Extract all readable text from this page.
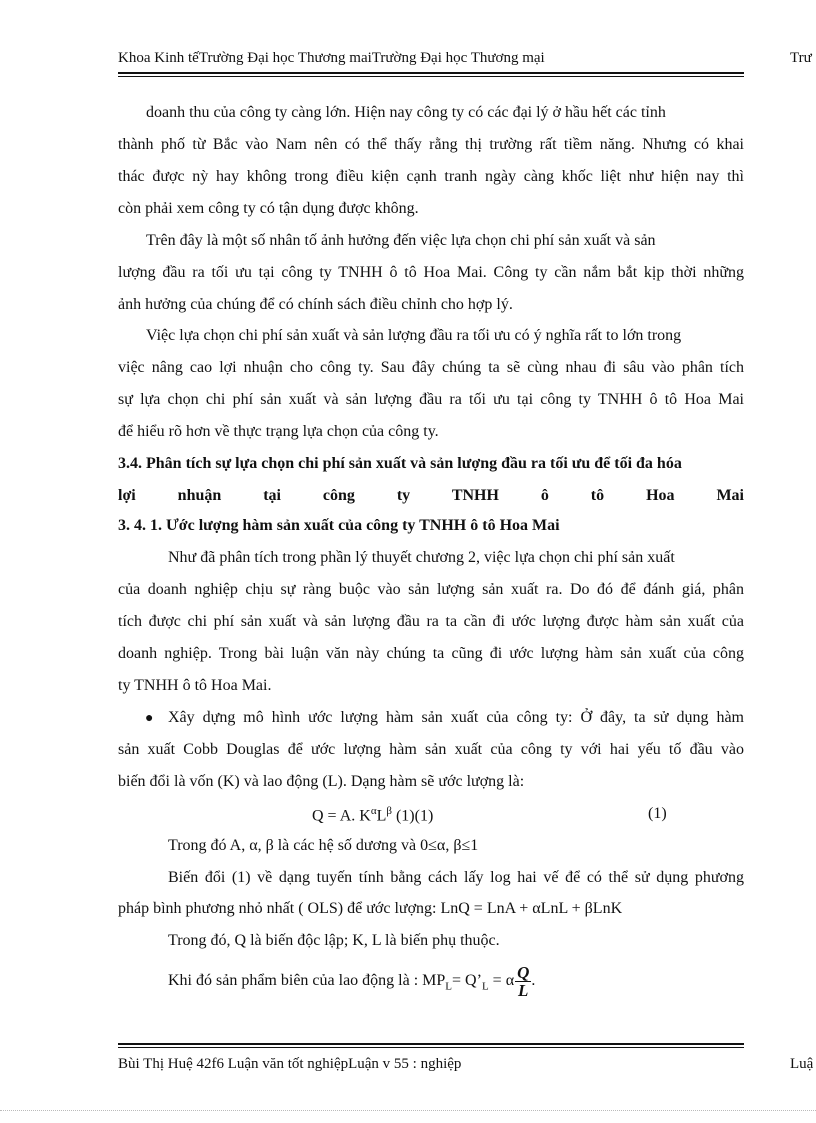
Khoa Kinh tếTrường Đại học Thương maiTrường Đại học Thương mại	Trư
doanh thu của công ty càng lớn. Hiện nay công ty có các đại lý ở hầu hết các tỉnh
thành phố từ Bắc vào Nam nên có thể thấy rằng thị trường rất tiềm năng. Nhưng có khai
thác được nỳ hay không trong điều kiện cạnh tranh ngày càng khốc liệt như hiện nay thì
còn phải xem công ty có tận dụng được không.
Trên đây là một số nhân tố ảnh hưởng đến việc lựa chọn chi phí sản xuất và sản
lượng đầu ra tối ưu tại công ty TNHH ô tô Hoa Mai. Công ty cần nắm bắt kịp thời những
ảnh hưởng của chúng để có chính sách điều chỉnh cho hợp lý.
Việc lựa chọn chi phí sản xuất và sản lượng đầu ra tối ưu có ý nghĩa rất to lớn trong
việc nâng cao lợi nhuận cho công ty. Sau đây chúng ta sẽ cùng nhau đi sâu vào phân tích
sự lựa chọn chi phí sản xuất và sản lượng đầu ra tối ưu tại công ty TNHH ô tô Hoa Mai
để hiểu rõ hơn về thực trạng lựa chọn của công ty.
3.4. Phân tích sự lựa chọn chi phí sản xuất và sản lượng đầu ra tối ưu để tối đa hóa
lợi nhuận tại công ty TNHH ô tô Hoa Mai
3. 4. 1. Ước lượng hàm sản xuất của công ty TNHH ô tô Hoa Mai
Như đã phân tích trong phần lý thuyết chương 2, việc lựa chọn chi phí sản xuất
của doanh nghiệp chịu sự ràng buộc vào sản lượng sản xuất ra. Do đó để đánh giá, phân
tích được chi phí sản xuất và sản lượng đầu ra ta cần đi ước lượng được hàm sản xuất của
doanh nghiệp. Trong bài luận văn này chúng ta cũng đi ước lượng hàm sản xuất của công
ty TNHH ô tô Hoa Mai.
● Xây dựng mô hình ước lượng hàm sản xuất của công ty: Ở đây, ta sử dụng hàm
sản xuất Cobb Douglas để ước lượng hàm sản xuất của công ty với hai yếu tố đầu vào
biến đổi là vốn (K) và lao động (L). Dạng hàm sẽ ước lượng là:
Q = A. $K^\alpha L^\beta$ (1)(1)	(1)
Trong đó A, α, β là các hệ số dương và 0≤α, β≤1
Biến đổi (1) về dạng tuyến tính bằng cách lấy log hai vế để có thể sử dụng phương
pháp bình phương nhỏ nhất ( OLS) để ước lượng: LnQ = LnA + αLnL + βLnK
Trong đó, Q là biến độc lập; K, L là biến phụ thuộc.
Khi đó sản phẩm biên của lao động là : $MP_L=$ $Q’_L = \alpha \frac{Q}{L}$ .
Bùi Thị Huệ 42f6 Luận văn tốt nghiệpLuận v 55 : nghiệp	Luậ
